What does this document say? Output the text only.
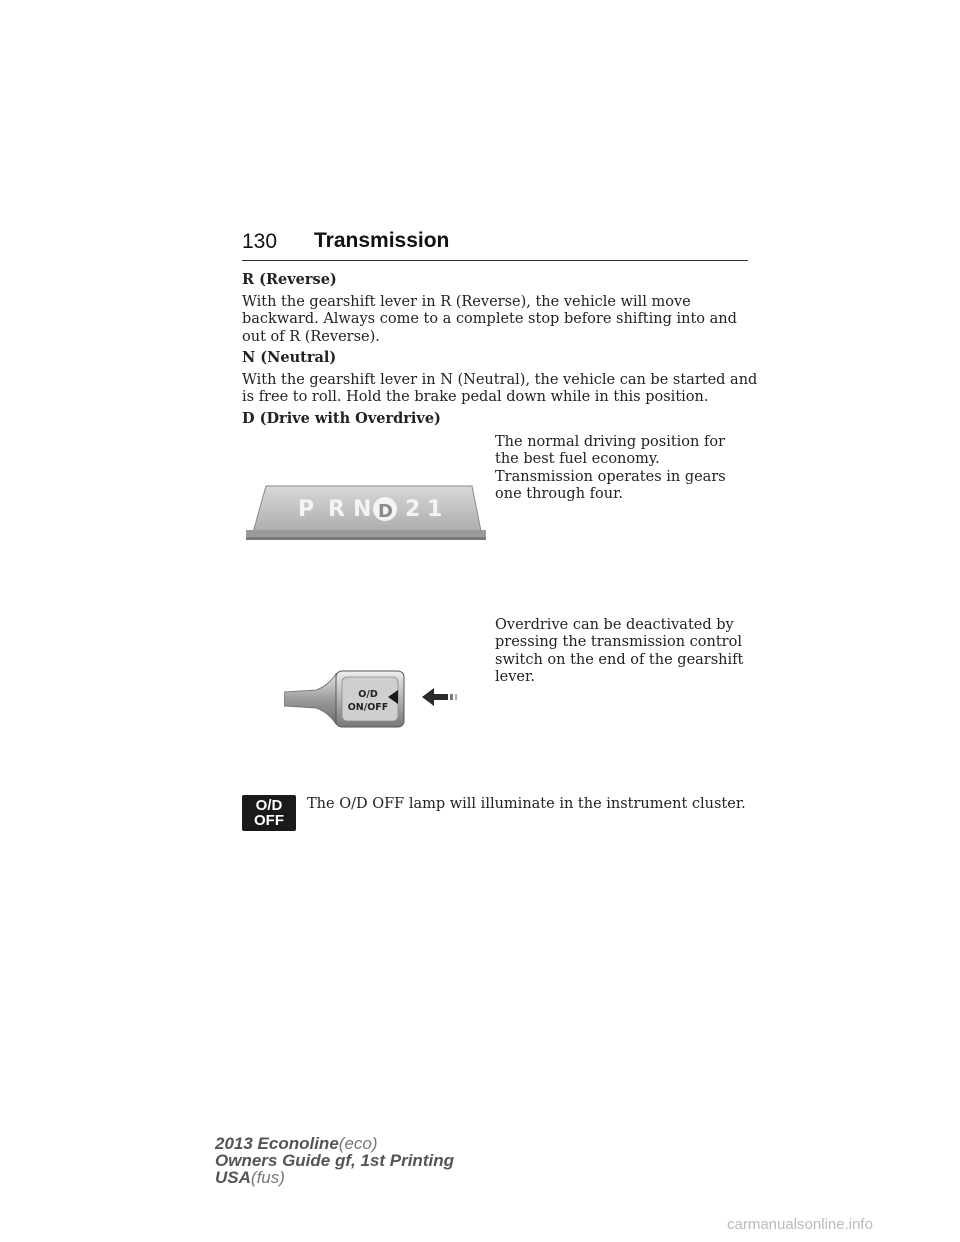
130 Transmission
R (Reverse)
With the gearshift lever in R (Reverse), the vehicle will move backward. Always come to a complete stop before shifting into and out of R (Reverse).
N (Neutral)
With the gearshift lever in N (Neutral), the vehicle can be started and is free to roll. Hold the brake pedal down while in this position.
D (Drive with Overdrive)
The normal driving position for the best fuel economy. Transmission operates in gears one through four.
P R N D 2 1
Overdrive can be deactivated by pressing the transmission control switch on the end of the gearshift lever.
O/D
ON/OFF
O/D
OFF
The O/D OFF lamp will illuminate in the instrument cluster.
2013 Econoline(eco)
Owners Guide gf, 1st Printing
USA(fus)
carmanualsonline.info
